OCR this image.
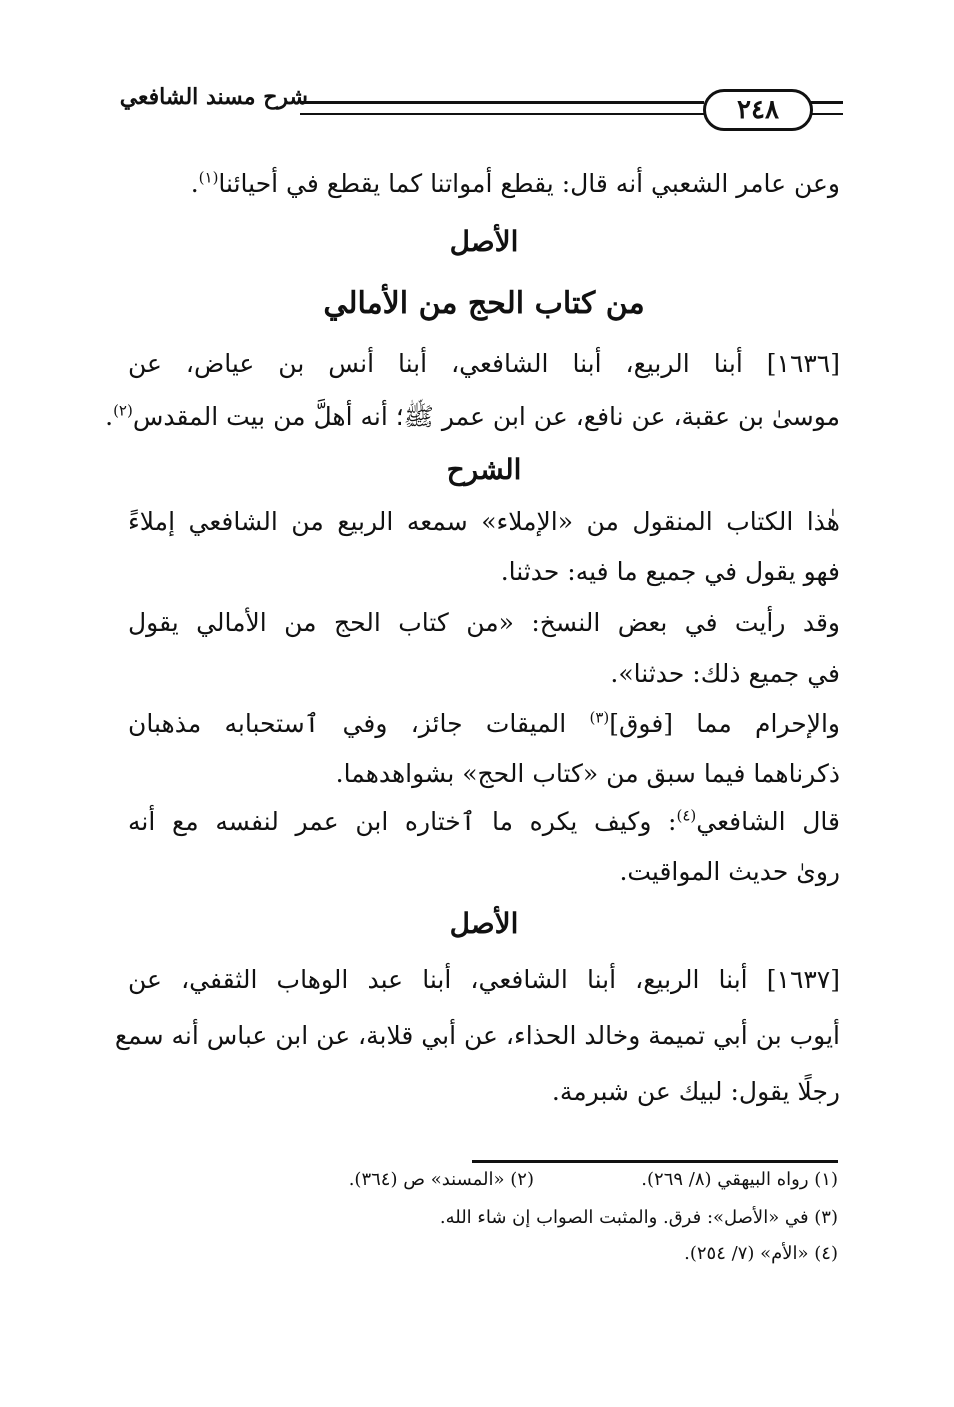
شرح مسند الشافعي	٢٤٨
وعن عامر الشعبي أنه قال: يقطع أمواتنا كما يقطع في أحيائنا$^{(١)}$.
الأصل
من كتاب الحج من الأمالي
[١٦٣٦] أبنا الربيع، أبنا الشافعي، أبنا أنس بن عياض، عن
موسىٰ بن عقبة، عن نافع، عن ابن عمر ﷺ؛ أنه أهلَّ من بيت المقدس$^{(٢)}$.
الشرح
هٰذا الكتاب المنقول من «الإملاء» سمعه الربيع من الشافعي إملاءً
فهو يقول في جميع ما فيه: حدثنا.
وقد رأيت في بعض النسخ: «من كتاب الحج من الأمالي يقول
في جميع ذلك: حدثنا».
والإحرام مما [فوق]$^{(٣)}$ الميقات جائز، وفي ٱستحبابه مذهبان
ذكرناهما فيما سبق من «كتاب الحج» بشواهدهما.
قال الشافعي$^{(٤)}$: وكيف يكره ما ٱختاره ابن عمر لنفسه مع أنه
رویٰ حديث المواقيت.
الأصل
[١٦٣٧] أبنا الربيع، أبنا الشافعي، أبنا عبد الوهاب الثقفي، عن
أيوب بن أبي تميمة وخالد الحذاء، عن أبي قلابة، عن ابن عباس أنه سمع
رجلًا يقول: لبيك عن شبرمة.
(١) رواه البيهقي (٨/ ٢٦٩).
(٢) «المسند» ص (٣٦٤).
(٣) في «الأصل»: فرق. والمثبت الصواب إن شاء الله.
(٤) «الأم» (٧/ ٢٥٤).
